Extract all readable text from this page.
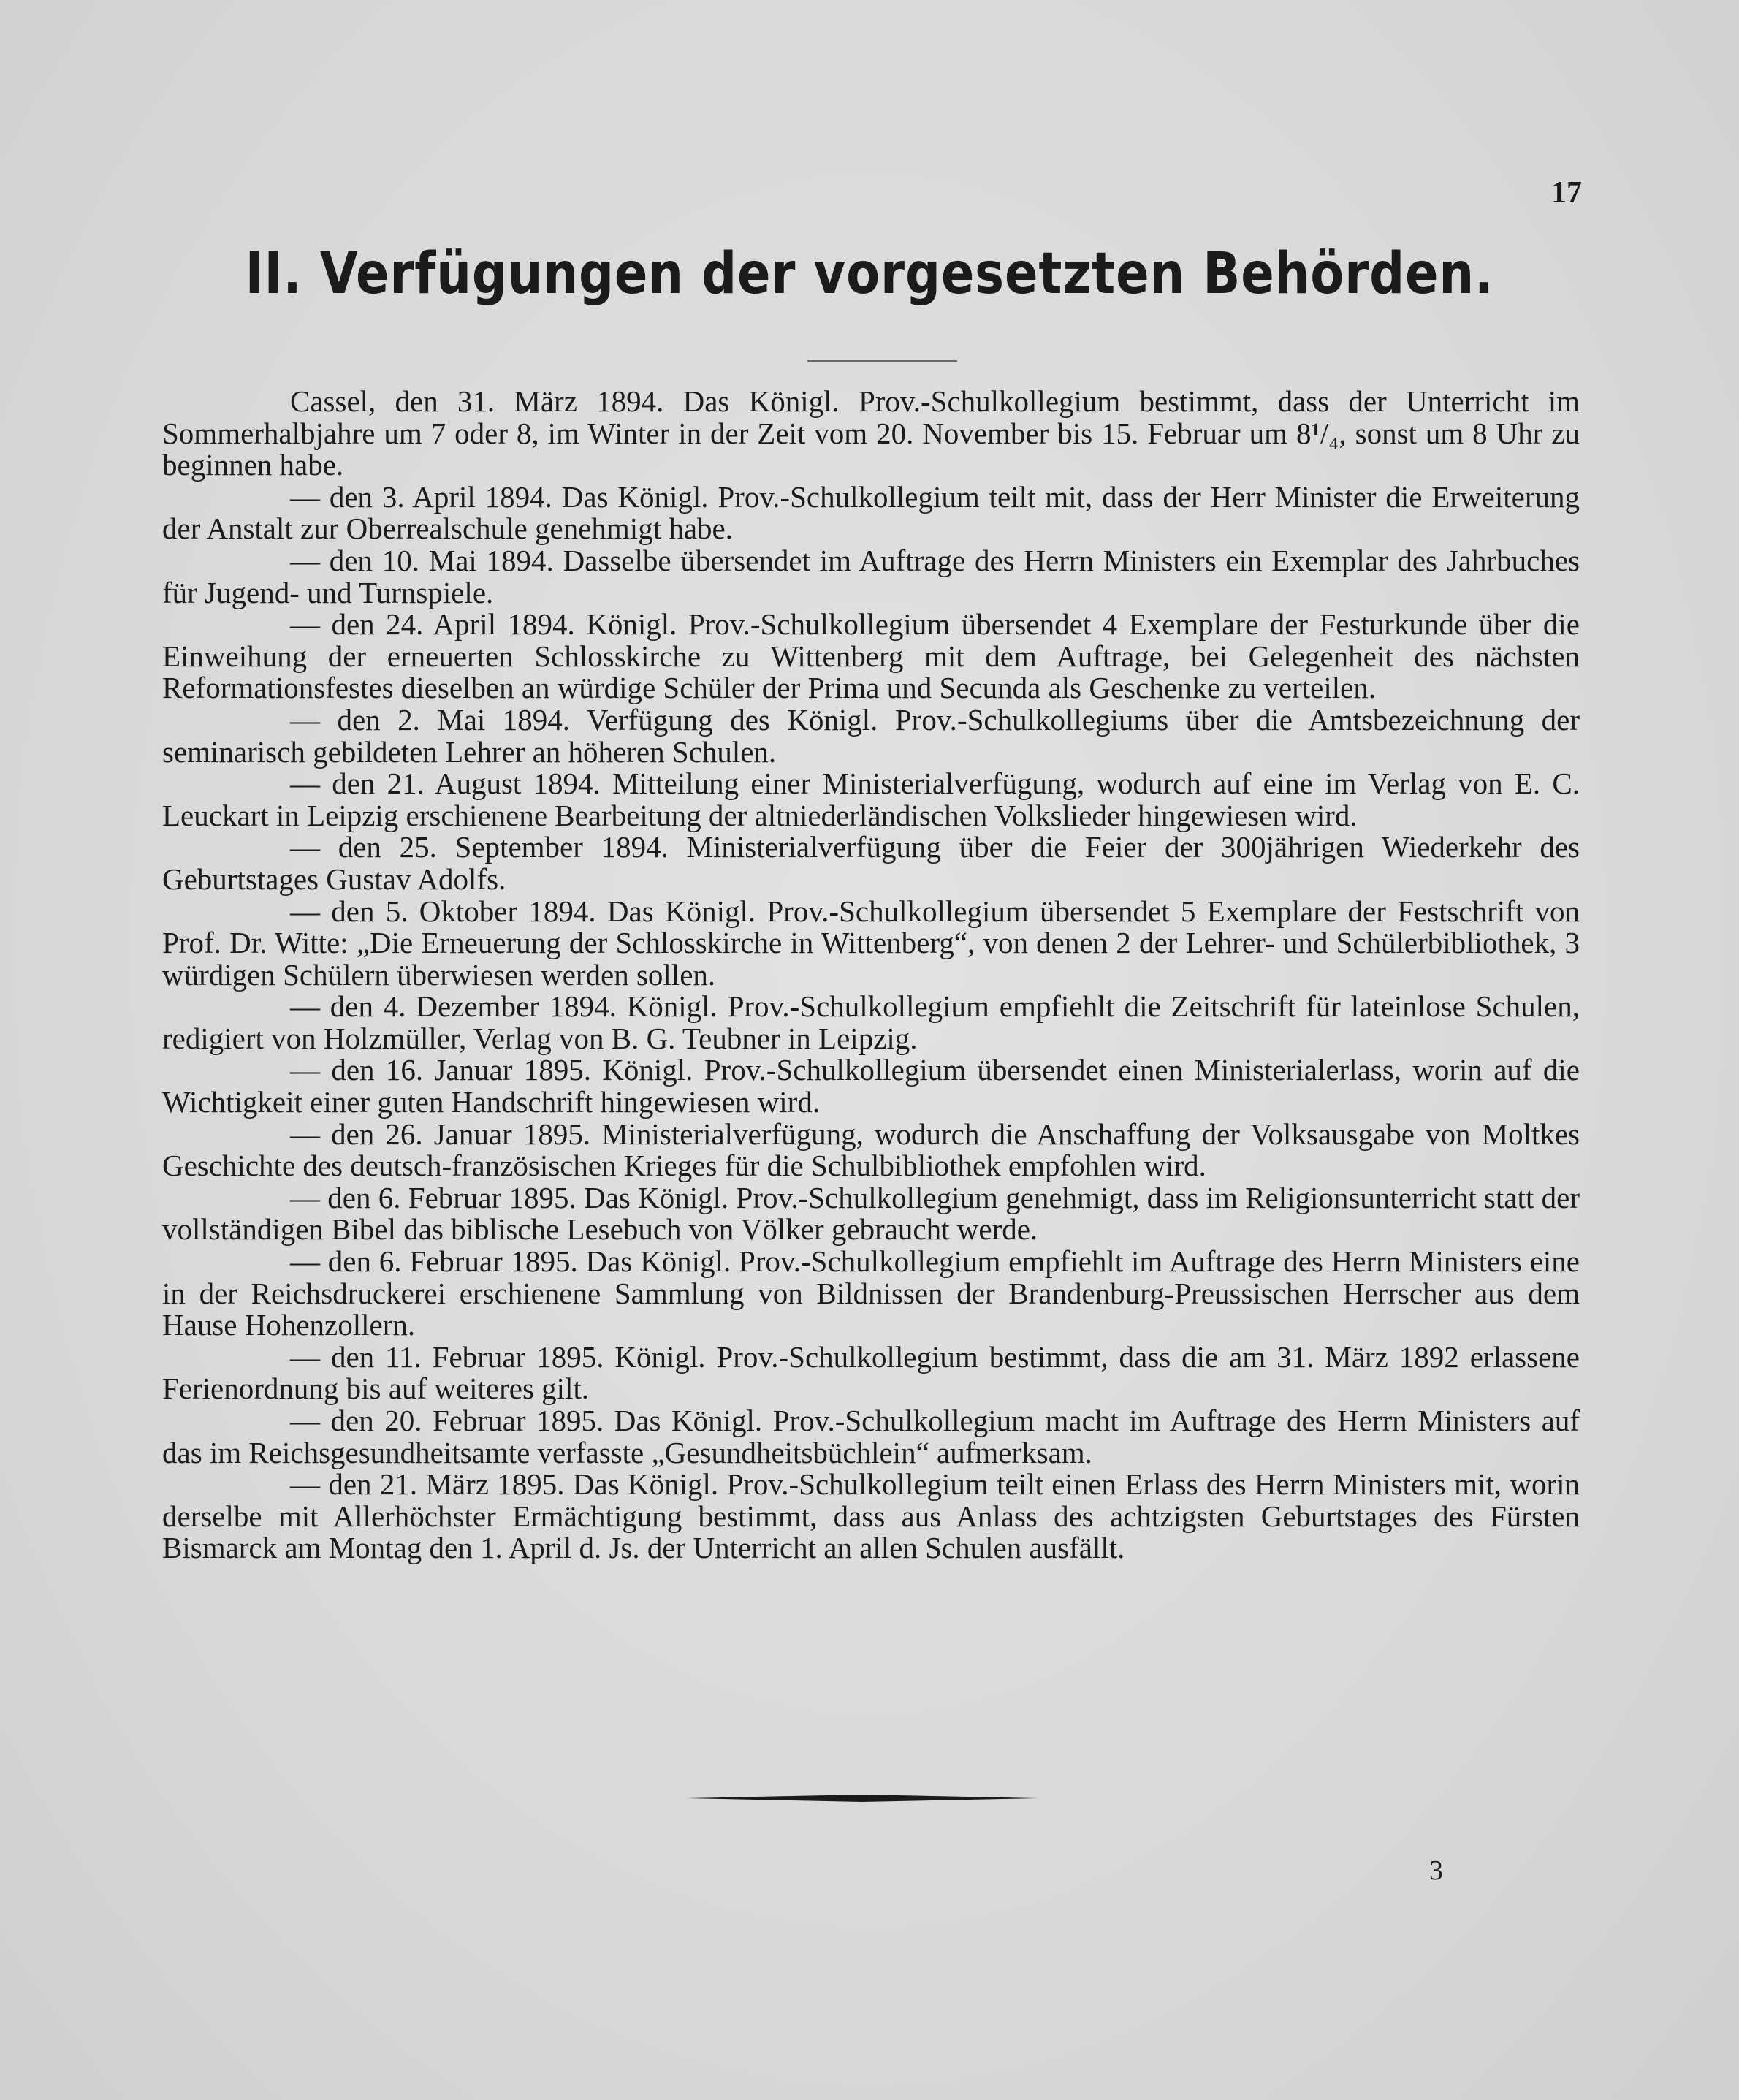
17
II. Verfügungen der vorgesetzten Behörden.

Cassel, den 31. März 1894. Das Königl. Prov.-Schulkollegium bestimmt, dass der Unterricht im Sommerhalbjahre um 7 oder 8, im Winter in der Zeit vom 20. November bis 15. Februar um 8¹/₄, sonst um 8 Uhr zu beginnen habe.

— den 3. April 1894. Das Königl. Prov.-Schulkollegium teilt mit, dass der Herr Minister die Erweiterung der Anstalt zur Oberrealschule genehmigt habe.

— den 10. Mai 1894. Dasselbe übersendet im Auftrage des Herrn Ministers ein Exemplar des Jahrbuches für Jugend- und Turnspiele.

— den 24. April 1894. Königl. Prov.-Schulkollegium übersendet 4 Exemplare der Festurkunde über die Einweihung der erneuerten Schlosskirche zu Wittenberg mit dem Auftrage, bei Gelegenheit des nächsten Reformationsfestes dieselben an würdige Schüler der Prima und Secunda als Geschenke zu verteilen.

— den 2. Mai 1894. Verfügung des Königl. Prov.-Schulkollegiums über die Amtsbezeichnung der seminarisch gebildeten Lehrer an höheren Schulen.

— den 21. August 1894. Mitteilung einer Ministerialverfügung, wodurch auf eine im Verlag von E. C. Leuckart in Leipzig erschienene Bearbeitung der altniederländischen Volkslieder hingewiesen wird.

— den 25. September 1894. Ministerialverfügung über die Feier der 300jährigen Wiederkehr des Geburtstages Gustav Adolfs.

— den 5. Oktober 1894. Das Königl. Prov.-Schulkollegium übersendet 5 Exemplare der Festschrift von Prof. Dr. Witte: „Die Erneuerung der Schlosskirche in Wittenberg“, von denen 2 der Lehrer- und Schülerbibliothek, 3 würdigen Schülern überwiesen werden sollen.

— den 4. Dezember 1894. Königl. Prov.-Schulkollegium empfiehlt die Zeitschrift für lateinlose Schulen, redigiert von Holzmüller, Verlag von B. G. Teubner in Leipzig.

— den 16. Januar 1895. Königl. Prov.-Schulkollegium übersendet einen Ministerialerlass, worin auf die Wichtigkeit einer guten Handschrift hingewiesen wird.

— den 26. Januar 1895. Ministerialverfügung, wodurch die Anschaffung der Volksausgabe von Moltkes Geschichte des deutsch-französischen Krieges für die Schulbibliothek empfohlen wird.

— den 6. Februar 1895. Das Königl. Prov.-Schulkollegium genehmigt, dass im Religionsunterricht statt der vollständigen Bibel das biblische Lesebuch von Völker gebraucht werde.

— den 6. Februar 1895. Das Königl. Prov.-Schulkollegium empfiehlt im Auftrage des Herrn Ministers eine in der Reichsdruckerei erschienene Sammlung von Bildnissen der Brandenburg-Preussischen Herrscher aus dem Hause Hohenzollern.

— den 11. Februar 1895. Königl. Prov.-Schulkollegium bestimmt, dass die am 31. März 1892 erlassene Ferienordnung bis auf weiteres gilt.

— den 20. Februar 1895. Das Königl. Prov.-Schulkollegium macht im Auftrage des Herrn Ministers auf das im Reichsgesundheitsamte verfasste „Gesundheitsbüchlein“ aufmerksam.

— den 21. März 1895. Das Königl. Prov.-Schulkollegium teilt einen Erlass des Herrn Ministers mit, worin derselbe mit Allerhöchster Ermächtigung bestimmt, dass aus Anlass des achtzigsten Geburtstages des Fürsten Bismarck am Montag den 1. April d. Js. der Unterricht an allen Schulen ausfällt.

3
